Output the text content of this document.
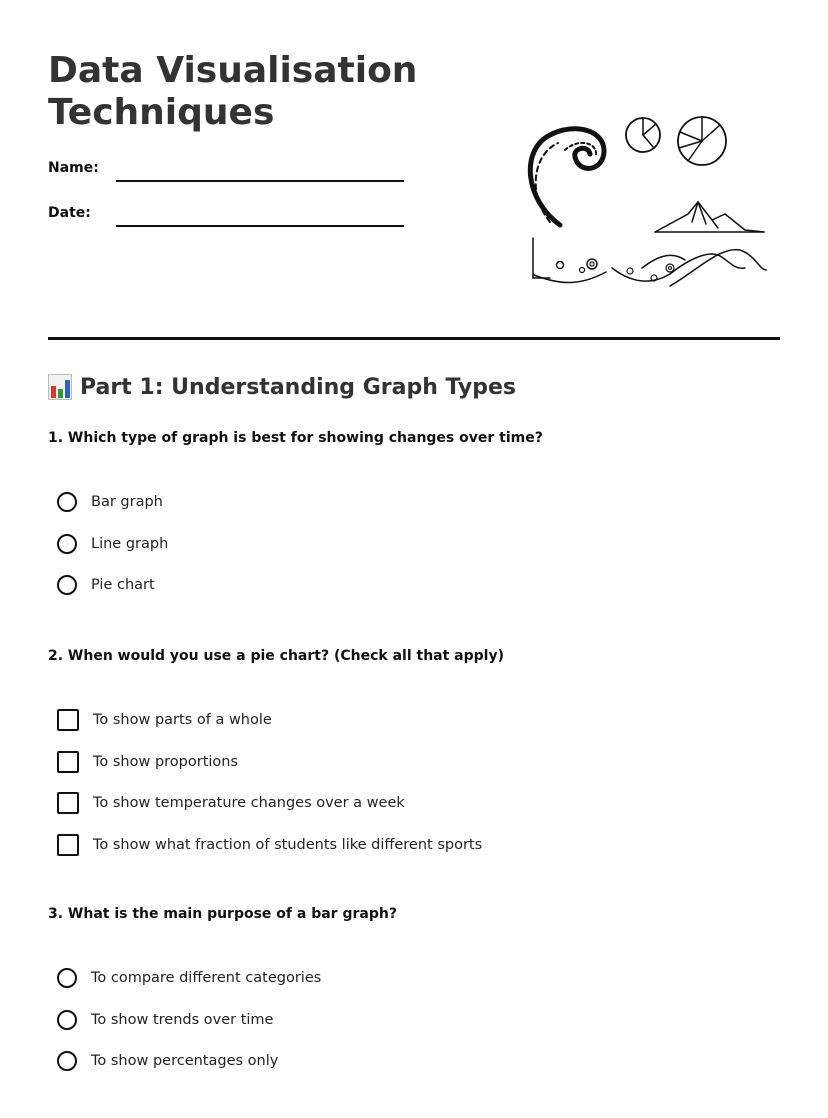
Data Visualisation Techniques
Name:
Date:
Part 1: Understanding Graph Types
1. Which type of graph is best for showing changes over time?
Bar graph
Line graph
Pie chart
2. When would you use a pie chart? (Check all that apply)
To show parts of a whole
To show proportions
To show temperature changes over a week
To show what fraction of students like different sports
3. What is the main purpose of a bar graph?
To compare different categories
To show trends over time
To show percentages only
